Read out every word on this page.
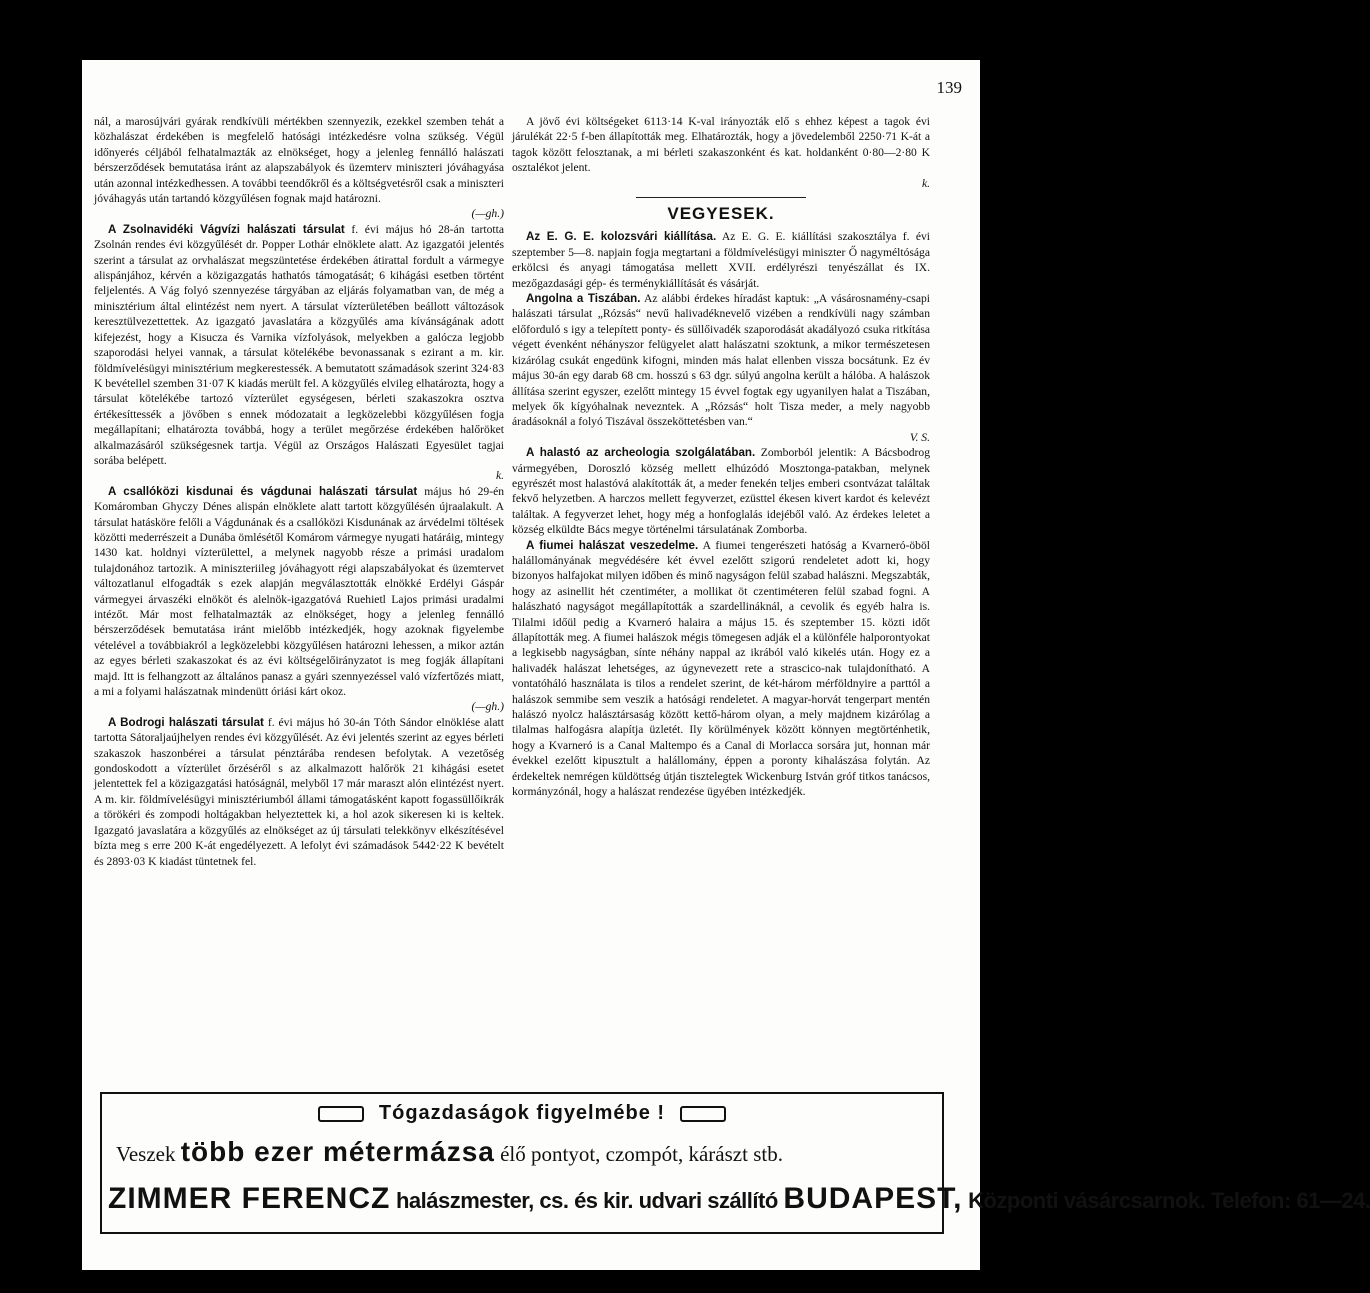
139

nál, a marosújvári gyárak rendkívüli mértékben szennyezik, ezekkel szemben tehát a közhalászat érdekében is megfelelő hatósági intézkedésre volna szükség. Végül időnyerés céljából felhatalmazták az elnökséget, hogy a jelenleg fennálló halászati bérszerződések bemutatása iránt az alapszabályok és üzemterv miniszteri jóváhagyása után azonnal intézkedhessen. A további teendőkről és a költségvetésről csak a miniszteri jóváhagyás után tartandó közgyűlésen fognak majd határozni.
(—gh.)

A Zsolnavidéki Vágvízi halászati társulat f. évi május hó 28-án tartotta Zsolnán rendes évi közgyűlését dr. Popper Lothár elnöklete alatt. Az igazgatói jelentés szerint a társulat az orvhalászat megszüntetése érdekében átirattal fordult a vármegye alispánjához, kérvén a közigazgatás hathatós támogatását; 6 kihágási esetben történt feljelentés. A Vág folyó szennyezése tárgyában az eljárás folyamatban van, de még a minisztérium által elintézést nem nyert. A társulat vízterületében beállott változások keresztülvezettettek. Az igazgató javaslatára a közgyűlés ama kívánságának adott kifejezést, hogy a Kisucza és Varnika vízfolyások, melyekben a galócza legjobb szaporodási helyei vannak, a társulat kötelékébe bevonassanak s ezirant a m. kir. földmívelésügyi minisztérium megkerestessék. A bemutatott számadások szerint 324·83 K bevétellel szemben 31·07 K kiadás merült fel. A közgyűlés elvileg elhatározta, hogy a társulat kötelékébe tartozó vízterület egységesen, bérleti szakaszokra osztva értékesíttessék a jövőben s ennek módozatait a legközelebbi közgyűlésen fogja megállapítani; elhatározta továbbá, hogy a terület megőrzése érdekében halőröket alkalmazásáról szükségesnek tartja. Végül az Országos Halászati Egyesület tagjai sorába belépett.
k.

A csallóközi kisdunai és vágdunai halászati társulat május hó 29-én Komáromban Ghyczy Dénes alispán elnöklete alatt tartott közgyűlésén újraalakult. A társulat hatásköre felőli a Vágdunának és a csallóközi Kisdunának az árvédelmi töltések közötti mederrészeit a Dunába ömlésétől Komárom vármegye nyugati határáig, mintegy 1430 kat. holdnyi vízterülettel, a melynek nagyobb része a primási uradalom tulajdonához tartozik. A miniszteriileg jóváhagyott régi alapszabályokat és üzemtervet változatlanul elfogadták s ezek alapján megválasztották elnökké Erdélyi Gáspár vármegyei árvaszéki elnököt és alelnök-igazgatóvá Ruehietl Lajos primási uradalmi intézőt. Már most felhatalmazták az elnökséget, hogy a jelenleg fennálló bérszerződések bemutatása iránt mielőbb intézkedjék, hogy azoknak figyelembe vételével a továbbiakról a legközelebbi közgyűlésen határozni lehessen, a mikor aztán az egyes bérleti szakaszokat és az évi költségelőirányzatot is meg fogják állapítani majd. Itt is felhangzott az általános panasz a gyári szennyezéssel való vízfertőzés miatt, a mi a folyami halászatnak mindenütt óriási kárt okoz.
(—gh.)

A Bodrogi halászati társulat f. évi május hó 30-án Tóth Sándor elnöklése alatt tartotta Sátoraljaújhelyen rendes évi közgyűlését. Az évi jelentés szerint az egyes bérleti szakaszok haszonbérei a társulat pénztárába rendesen befolytak. A vezetőség gondoskodott a vízterület őrzéséről s az alkalmazott halőrök 21 kihágási esetet jelentettek fel a közigazgatási hatóságnál, melyből 17 már maraszt alón elintézést nyert. A m. kir. földmívelésügyi minisztériumból állami támogatásként kapott fogassüllőikrák a törökéri és zompodi holtágakban helyeztettek ki, a hol azok sikeresen ki is keltek. Igazgató javaslatára a közgyűlés az elnökséget az új társulati telekkönyv elkészítésével bízta meg s erre 200 K-át engedélyezett. A lefolyt évi számadások 5442·22 K bevételt és 2893·03 K kiadást tüntetnek fel.

A jövő évi költségeket 6113·14 K-val irányozták elő s ehhez képest a tagok évi járulékát 22·5 f-ben állapították meg. Elhatározták, hogy a jövedelemből 2250·71 K-át a tagok között felosztanak, a mi bérleti szakaszonként és kat. holdanként 0·80—2·80 K osztalékot jelent.
k.

VEGYESEK.

Az E. G. E. kolozsvári kiállítása. Az E. G. E. kiállítási szakosztálya f. évi szeptember 5—8. napjain fogja megtartani a földmívelésügyi miniszter Ő nagyméltósága erkölcsi és anyagi támogatása mellett XVII. erdélyrészi tenyészállat és IX. mezőgazdasági gép- és terménykiállítását és vásárját.

Angolna a Tiszában. Az alábbi érdekes híradást kaptuk: „A vásárosnamény-csapi halászati társulat „Rózsás“ nevű halivadéknevelő vizében a rendkívüli nagy számban előforduló s igy a telepített ponty- és süllőivadék szaporodását akadályozó csuka ritkítása végett évenként néhányszor felügyelet alatt halászatni szoktunk, a mikor természetesen kizárólag csukát engedünk kifogni, minden más halat ellenben vissza bocsátunk. Ez év május 30-án egy darab 68 cm. hosszú s 63 dgr. súlyú angolna került a hálóba. A halászok állítása szerint egyszer, ezelőtt mintegy 15 évvel fogtak egy ugyanilyen halat a Tiszában, melyek ők kígyóhalnak nevezntek. A „Rózsás“ holt Tisza meder, a mely nagyobb áradásoknál a folyó Tiszával összeköttetésben van.“
V. S.

A halastó az archeologia szolgálatában. Zomborból jelentik: A Bácsbodrog vármegyében, Doroszló község mellett elhúzódó Mosztonga-patakban, melynek egyrészét most halastóvá alakították át, a meder fenekén teljes emberi csontvázat találtak fekvő helyzetben. A harczos mellett fegyverzet, ezüsttel ékesen kivert kardot és kelevézt találtak. A fegyverzet lehet, hogy még a honfoglalás idejéből való. Az érdekes leletet a község elküldte Bács megye történelmi társulatának Zomborba.

A fiumei halászat veszedelme. A fiumei tengerészeti hatóság a Kvarneró-öböl halállományának megvédésére két évvel ezelőtt szigorú rendeletet adott ki, hogy bizonyos halfajokat milyen időben és minő nagyságon felül szabad halászni. Megszabták, hogy az asinellit hét czentiméter, a mollikat öt czentiméteren felül szabad fogni. A halászható nagyságot megállapították a szardellináknál, a cevolik és egyéb halra is. Tilalmi időül pedig a Kvarneró halaira a május 15. és szeptember 15. közti időt állapították meg. A fiumei halászok mégis tömegesen adják el a különféle halporontyokat a legkisebb nagyságban, sínte néhány nappal az ikrából való kikelés után. Hogy ez a halivadék halászat lehetséges, az úgynevezett rete a strascico-nak tulajdonítható. A vontatóháló használata is tilos a rendelet szerint, de két-három mérföldnyire a parttól a halászok semmibe sem veszik a hatósági rendeletet. A magyar-horvát tengerpart mentén halászó nyolcz halásztársaság között kettő-három olyan, a mely majdnem kizárólag a tilalmas halfogásra alapítja üzletét. Ily körülmények között könnyen megtörténhetik, hogy a Kvarneró is a Canal Maltempo és a Canal di Morlacca sorsára jut, honnan már évekkel ezelőtt kipusztult a halállomány, éppen a poronty kihalászása folytán. Az érdekeltek nemrégen küldöttség útján tisztelegtek Wickenburg István gróf titkos tanácsos, kormányzónál, hogy a halászat rendezése ügyében intézkedjék.

Tógazdaságok figyelmébe !
Veszek több ezer métermázsa élő pontyot, czompót, kárászt stb.
ZIMMER FERENCZ halászmester, cs. és kir. udvari szállító BUDAPEST, Központi vásárcsarnok. Telefon: 61—24.
